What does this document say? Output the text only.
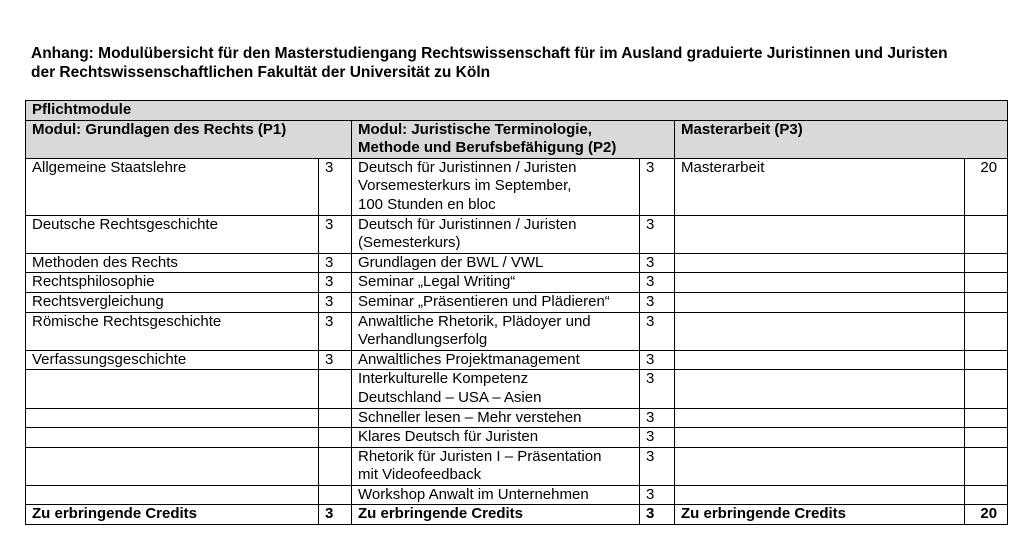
Anhang: Modulübersicht für den Masterstudiengang Rechtswissenschaft für im Ausland graduierte Juristinnen und Juristen
der Rechtswissenschaftlichen Fakultät der Universität zu Köln
Pflichtmodule					

Modul: Grundlagen des Rechts (P1)		Modul: Juristische Terminologie,
Methode und Berufsbefähigung (P2)		Masterarbeit (P3)	

Allgemeine Staatslehre	3	Deutsch für Juristinnen / Juristen
Vorsemesterkurs im September,
100 Stunden en bloc	3	Masterarbeit	20

Deutsche Rechtsgeschichte	3	Deutsch für Juristinnen / Juristen
(Semesterkurs)	3	

Methoden des Rechts	3	Grundlagen der BWL / VWL	3	

Rechtsphilosophie	3	Seminar „Legal Writing“	3	

Rechtsvergleichung	3	Seminar „Präsentieren und Plädieren“	3	

Römische Rechtsgeschichte	3	Anwaltliche Rhetorik, Plädoyer und
Verhandlungserfolg	3	

Verfassungsgeschichte	3	Anwaltliches Projektmanagement	3	

		Interkulturelle Kompetenz
Deutschland – USA – Asien	3	

		Schneller lesen – Mehr verstehen	3	

		Klares Deutsch für Juristen	3	

		Rhetorik für Juristen I – Präsentation
mit Videofeedback	3	

		Workshop Anwalt im Unternehmen	3	

Zu erbringende Credits	3	Zu erbringende Credits	3	Zu erbringende Credits	20
